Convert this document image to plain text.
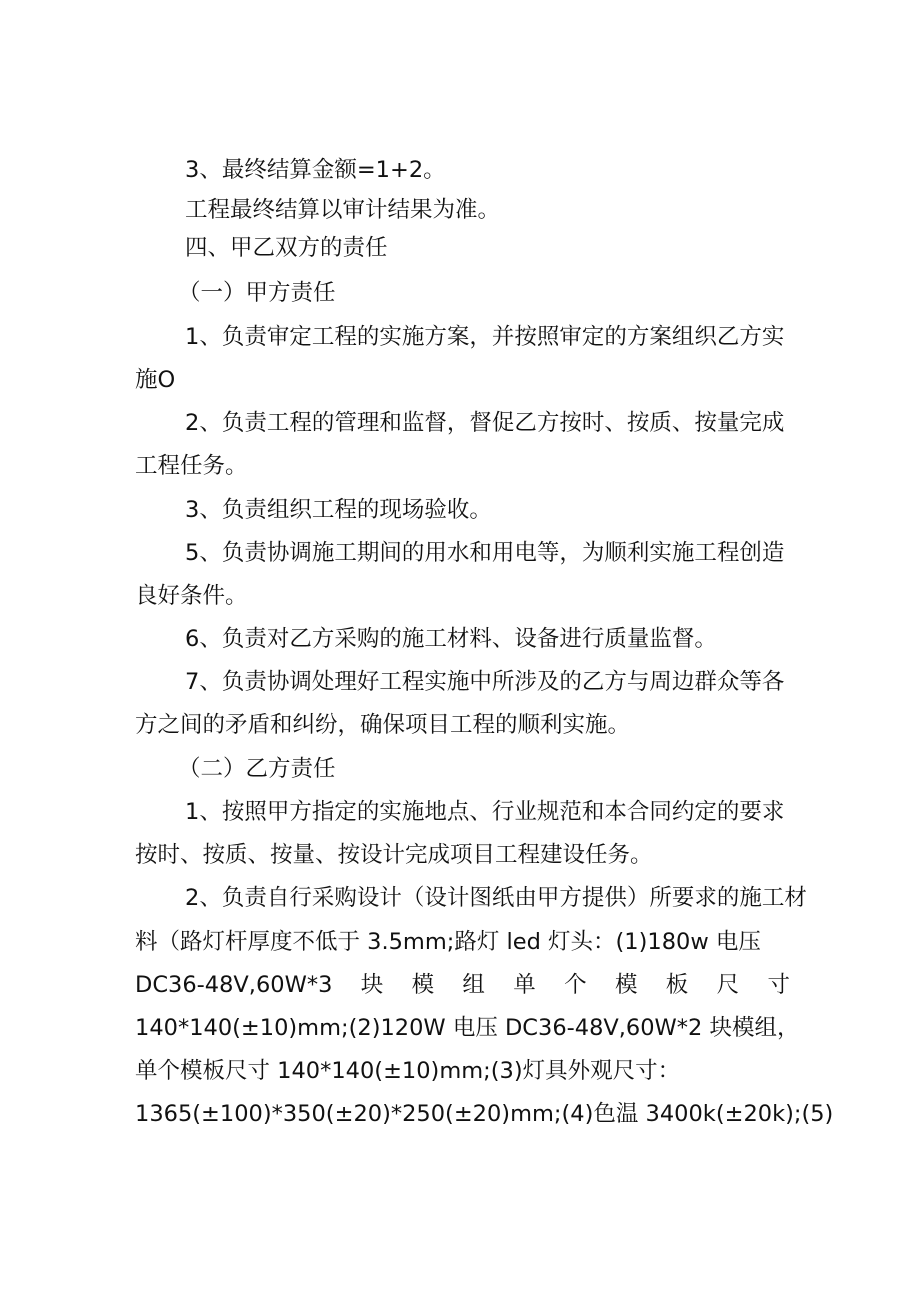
3、最终结算金额=1+2。
工程最终结算以审计结果为准。
四、甲乙双方的责任
（一）甲方责任
1、负责审定工程的实施方案，并按照审定的方案组织乙方实
施O
2、负责工程的管理和监督，督促乙方按时、按质、按量完成
工程任务。
3、负责组织工程的现场验收。
5、负责协调施工期间的用水和用电等，为顺利实施工程创造
良好条件。
6、负责对乙方采购的施工材料、设备进行质量监督。
7、负责协调处理好工程实施中所涉及的乙方与周边群众等各
方之间的矛盾和纠纷，确保项目工程的顺利实施。
（二）乙方责任
1、按照甲方指定的实施地点、行业规范和本合同约定的要求
按时、按质、按量、按设计完成项目工程建设任务。
2、负责自行采购设计（设计图纸由甲方提供）所要求的施工材
料（路灯杆厚度不低于 3.5mm;路灯 led 灯头：(1)180w 电压
DC36-48V,60W*3 块 模 组 单 个 模 板 尺 寸
140*140(±10)mm;(2)120W 电压 DC36-48V,60W*2 块模组，
单个模板尺寸 140*140(±10)mm;(3)灯具外观尺寸：
1365(±100)*350(±20)*250(±20)mm;(4)色温 3400k(±20k);(5)
